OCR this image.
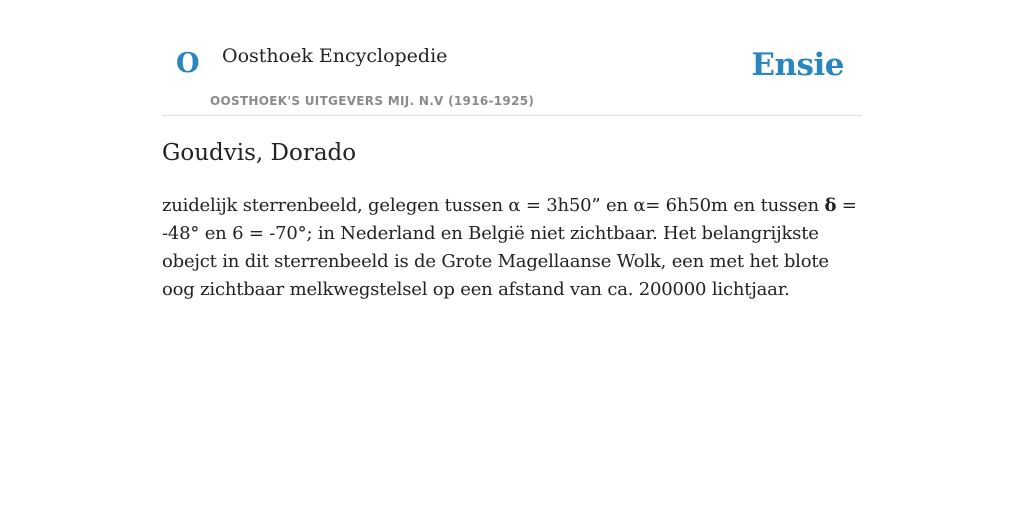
O Oosthoek Encyclopedie
OOSTHOEK'S UITGEVERS MIJ. N.V (1916-1925)
Ensie
Goudvis, Dorado

zuidelijk sterrenbeeld, gelegen tussen α = 3h50” en α= 6h50m en tussen δ = -48° en 6 = -70°; in Nederland en België niet zichtbaar. Het belangrijkste obejct in dit sterrenbeeld is de Grote Magellaanse Wolk, een met het blote oog zichtbaar melkwegstelsel op een afstand van ca. 200000 lichtjaar.
